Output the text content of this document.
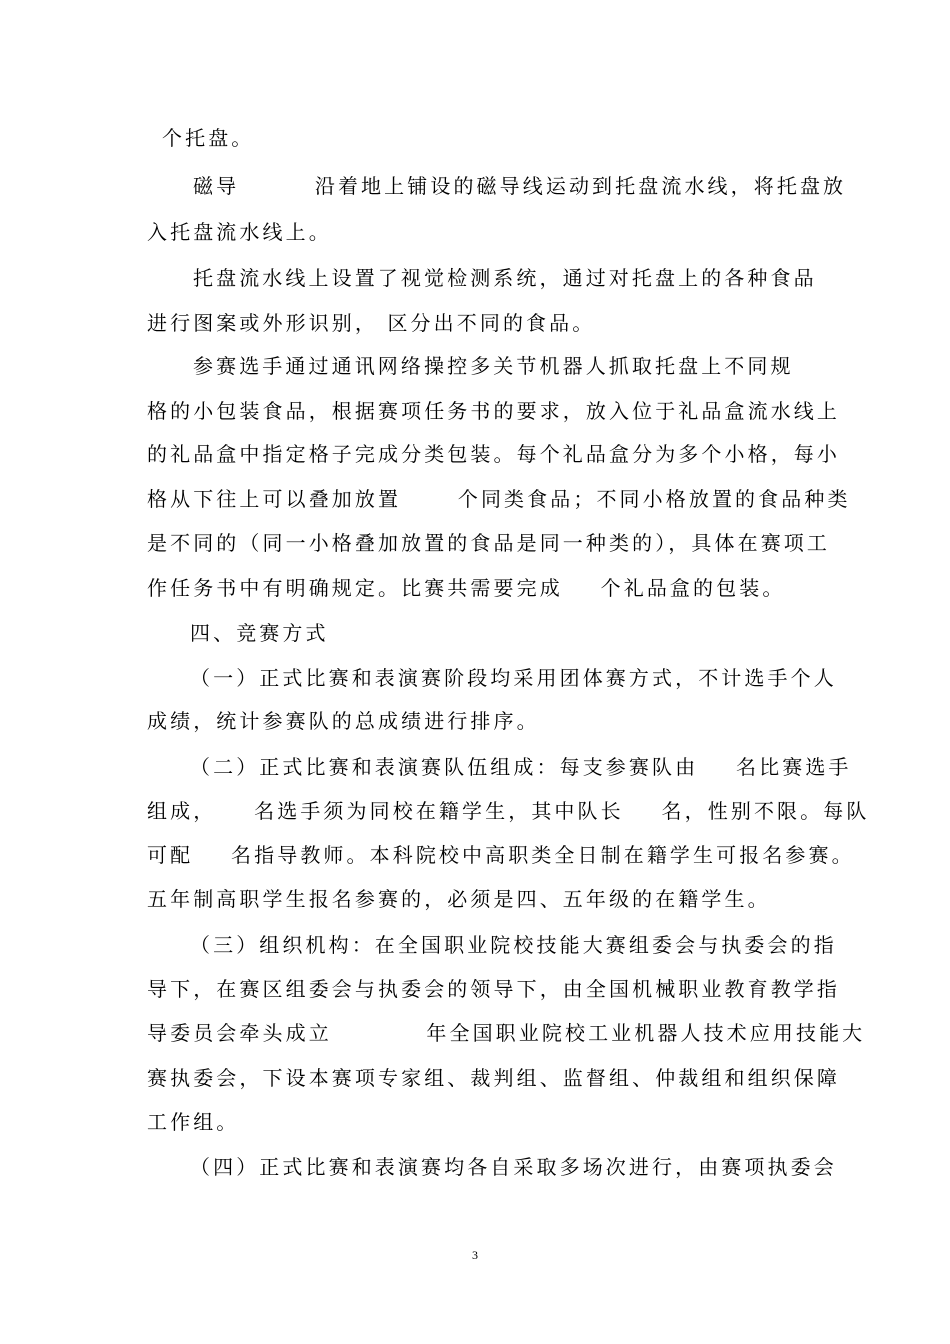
个托盘。
磁导        沿着地上铺设的磁导线运动到托盘流水线，将托盘放
入托盘流水线上。
托盘流水线上设置了视觉检测系统，通过对托盘上的各种食品
进行图案或外形识别， 区分出不同的食品。
参赛选手通过通讯网络操控多关节机器人抓取托盘上不同规
格的小包装食品，根据赛项任务书的要求，放入位于礼品盒流水线上
的礼品盒中指定格子完成分类包装。每个礼品盒分为多个小格，每小
格从下往上可以叠加放置      个同类食品；不同小格放置的食品种类
是不同的（同一小格叠加放置的食品是同一种类的），具体在赛项工
作任务书中有明确规定。比赛共需要完成    个礼品盒的包装。
四、竞赛方式
（一）正式比赛和表演赛阶段均采用团体赛方式，不计选手个人
成绩，统计参赛队的总成绩进行排序。
（二）正式比赛和表演赛队伍组成：每支参赛队由    名比赛选手
组成，    名选手须为同校在籍学生，其中队长    名，性别不限。每队
可配    名指导教师。本科院校中高职类全日制在籍学生可报名参赛。
五年制高职学生报名参赛的，必须是四、五年级的在籍学生。
（三）组织机构：在全国职业院校技能大赛组委会与执委会的指
导下，在赛区组委会与执委会的领导下，由全国机械职业教育教学指
导委员会牵头成立          年全国职业院校工业机器人技术应用技能大
赛执委会，下设本赛项专家组、裁判组、监督组、仲裁组和组织保障
工作组。
（四）正式比赛和表演赛均各自采取多场次进行，由赛项执委会
3
